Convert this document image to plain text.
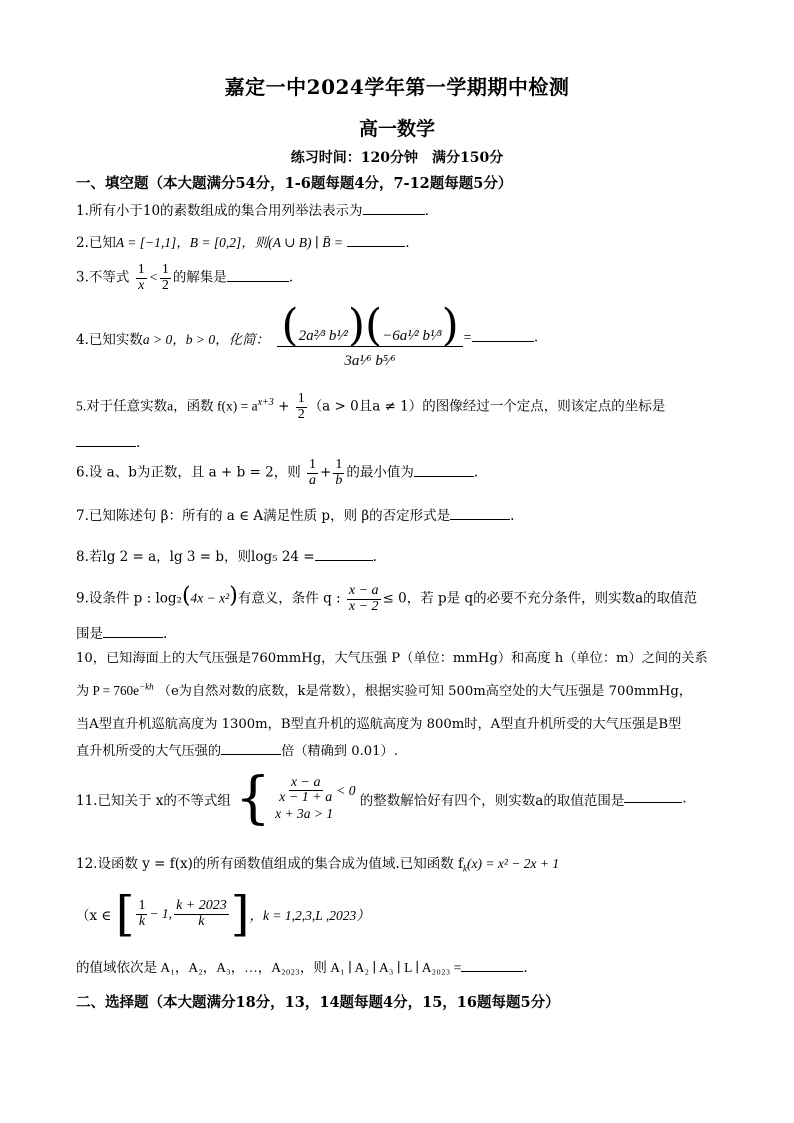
嘉定一中2024学年第一学期期中检测
高一数学
练习时间：120分钟　满分150分
一、填空题（本大题满分54分，1-6题每题4分，7-12题每题5分）
1.所有小于10的素数组成的集合用列举法表示为	.
2.已知A = [−1,1]，B = [0,2]，则(A ∪ B) ∣ B̄ =	.
3.不等式 $\frac{1}{x} < \frac{1}{2}$ 的解集是	.
4.已知实数a > 0，b > 0，化简： $\frac{\text{(2a²⁄³ b¹⁄²)(−6a¹⁄² b¹⁄³)}}{\text{3a¹⁄⁶ b⁵⁄⁶}}$ =	.
5.对于任意实数a，函数 $f(x) = a^{x+3} + \frac{1}{2} (a > 0$且a ≠ 1）的图像经过一个定点，则该定点的坐标是
.
6.设 a、b为正数，且 a + b = 2，则 $\frac{1}{a} + \frac{1}{b}$ 的最小值为	.
7.已知陈述句 β：所有的 a ∈ A满足性质 p，则 β的否定形式是	.
8.若lg 2 = a，lg 3 = b，则log₅ 24 =	.
9.设条件 p : log₂(4x − x²)有意义，条件 q : $\frac{x - a}{x - 2} \le 0$，若 p是 q的必要不充分条件，则实数a的取值范
围是	.
10，已知海面上的大气压强是760mmHg，大气压强 P（单位：mmHg）和高度 h（单位：m）之间的关系
为 $P = 760e^{-kh}$ （e为自然对数的底数，k是常数），根据实验可知 500m高空处的大气压强是 700mmHg，
当A型直升机巡航高度为 1300m，B型直升机的巡航高度为 800m时，A型直升机所受的大气压强是B型
直升机所受的大气压强的	倍（精确到 0.01）.
11.已知关于 x的不等式组 { $\frac{x - a}{x - 1 + a} < 0$
x + 3a > 1
的整数解恰好有四个，则实数a的取值范围是	.
12.设函数 y = f(x)的所有函数值组成的集合成为值域.已知函数 $f_k(x) = x^2 - 2x + 1$
（x ∈ [ $\frac{1}{k} - 1$, $\frac{k + 2023}{k}$ ]，k = 1,2,3,L ,2023）
的值域依次是 A₁，A₂，A₃，…，A₂₀₂₃，则 A₁ ∣ A₂ ∣ A₃ ∣ L ∣ A₂₀₂₃ =	.
二、选择题（本大题满分18分，13，14题每题4分，15，16题每题5分）
